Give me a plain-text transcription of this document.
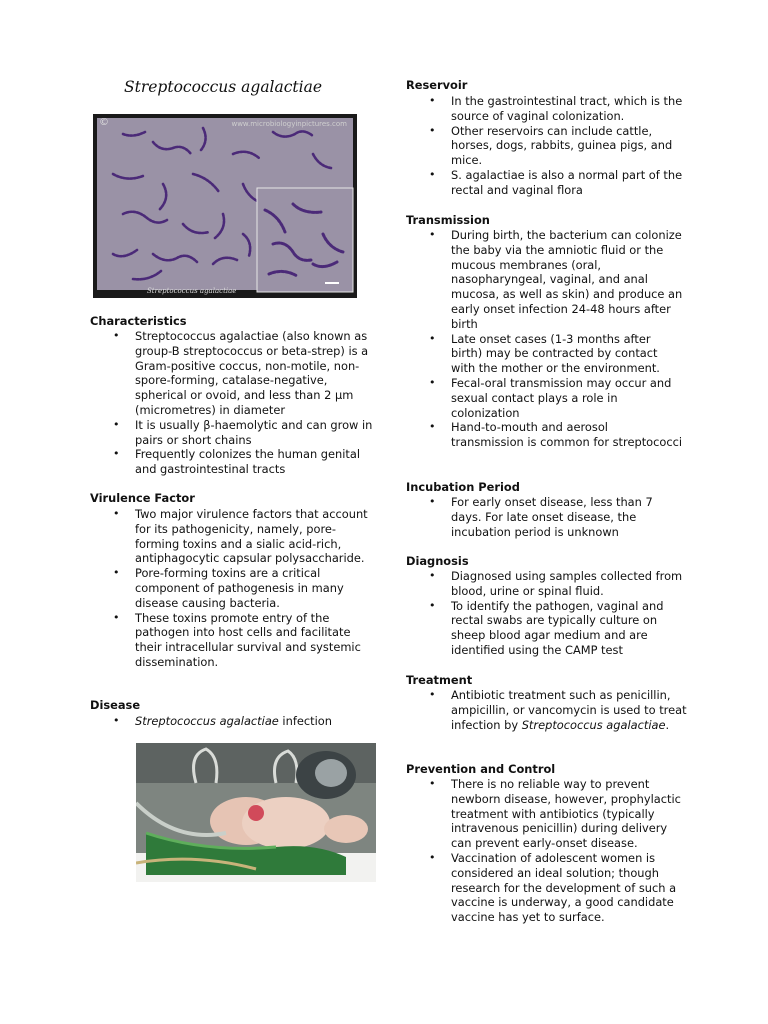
Streptococcus agalactiae
©	www.microbiologyinpictures.com
Streptococcus agalactiae
Characteristics
• Streptococcus agalactiae (also known as group-B streptococcus or beta-strep) is a Gram-positive coccus, non-motile, non-spore-forming, catalase-negative, spherical or ovoid, and less than 2 µm (micrometres) in diameter
• It is usually β-haemolytic and can grow in pairs or short chains
• Frequently colonizes the human genital and gastrointestinal tracts
Virulence Factor
• Two major virulence factors that account for its pathogenicity, namely, pore-forming toxins and a sialic acid-rich, antiphagocytic capsular polysaccharide.
• Pore-forming toxins are a critical component of pathogenesis in many disease causing bacteria.
• These toxins promote entry of the pathogen into host cells and facilitate their intracellular survival and systemic dissemination.
Disease
• Streptococcus agalactiae infection
Reservoir
• In the gastrointestinal tract, which is the source of vaginal colonization.
• Other reservoirs can include cattle, horses, dogs, rabbits, guinea pigs, and mice.
• S. agalactiae is also a normal part of the rectal and vaginal flora
Transmission
• During birth, the bacterium can colonize the baby via the amniotic fluid or the mucous membranes (oral, nasopharyngeal, vaginal, and anal mucosa, as well as skin) and produce an early onset infection 24-48 hours after birth
• Late onset cases (1-3 months after birth) may be contracted by contact with the mother or the environment.
• Fecal-oral transmission may occur and sexual contact plays a role in colonization
• Hand-to-mouth and aerosol transmission is common for streptococci
Incubation Period
• For early onset disease, less than 7 days. For late onset disease, the incubation period is unknown
Diagnosis
• Diagnosed using samples collected from blood, urine or spinal fluid.
• To identify the pathogen, vaginal and rectal swabs are typically culture on sheep blood agar medium and are identified using the CAMP test
Treatment
• Antibiotic treatment such as penicillin, ampicillin, or vancomycin is used to treat infection by Streptococcus agalactiae.
Prevention and Control
• There is no reliable way to prevent newborn disease, however, prophylactic treatment with antibiotics (typically intravenous penicillin) during delivery can prevent early-onset disease.
• Vaccination of adolescent women is considered an ideal solution; though research for the development of such a vaccine is underway, a good candidate vaccine has yet to surface.
